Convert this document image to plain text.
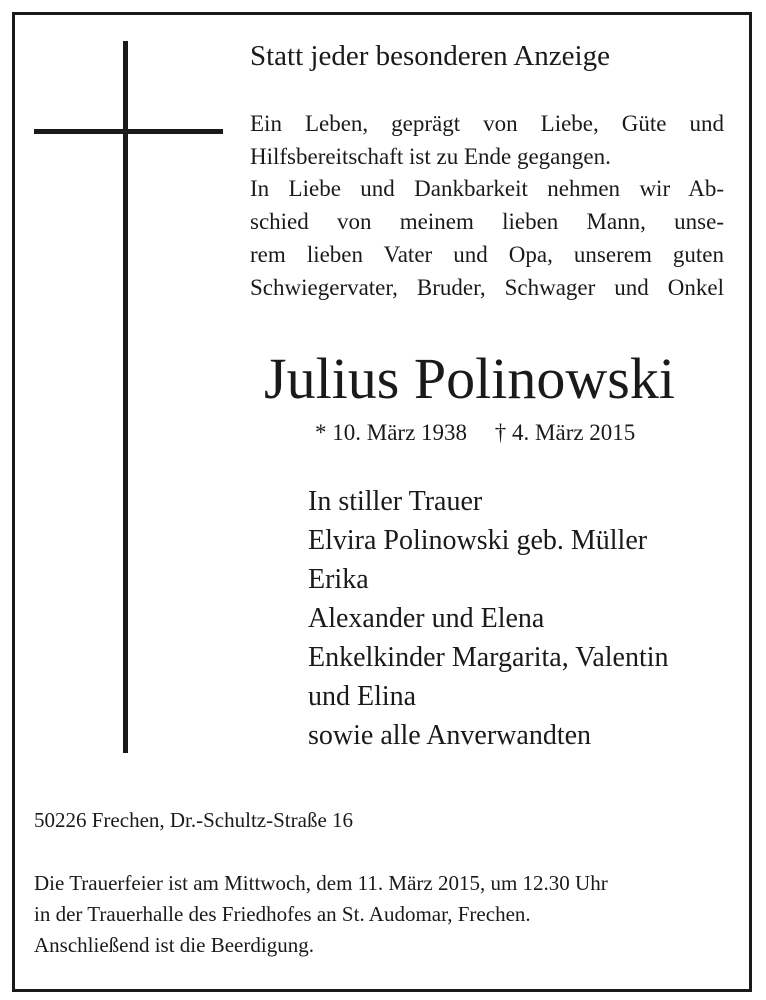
Statt jeder besonderen Anzeige
Ein Leben, geprägt von Liebe, Güte und
Hilfsbereitschaft ist zu Ende gegangen.
In Liebe und Dankbarkeit nehmen wir Ab-
schied von meinem lieben Mann, unse-
rem lieben Vater und Opa, unserem guten
Schwiegervater, Bruder, Schwager und Onkel
Julius Polinowski
* 10. März 1938 † 4. März 2015
In stiller Trauer
Elvira Polinowski geb. Müller
Erika
Alexander und Elena
Enkelkinder Margarita, Valentin
und Elina
sowie alle Anverwandten
50226 Frechen, Dr.-Schultz-Straße 16
Die Trauerfeier ist am Mittwoch, dem 11. März 2015, um 12.30 Uhr
in der Trauerhalle des Friedhofes an St. Audomar, Frechen.
Anschließend ist die Beerdigung.
